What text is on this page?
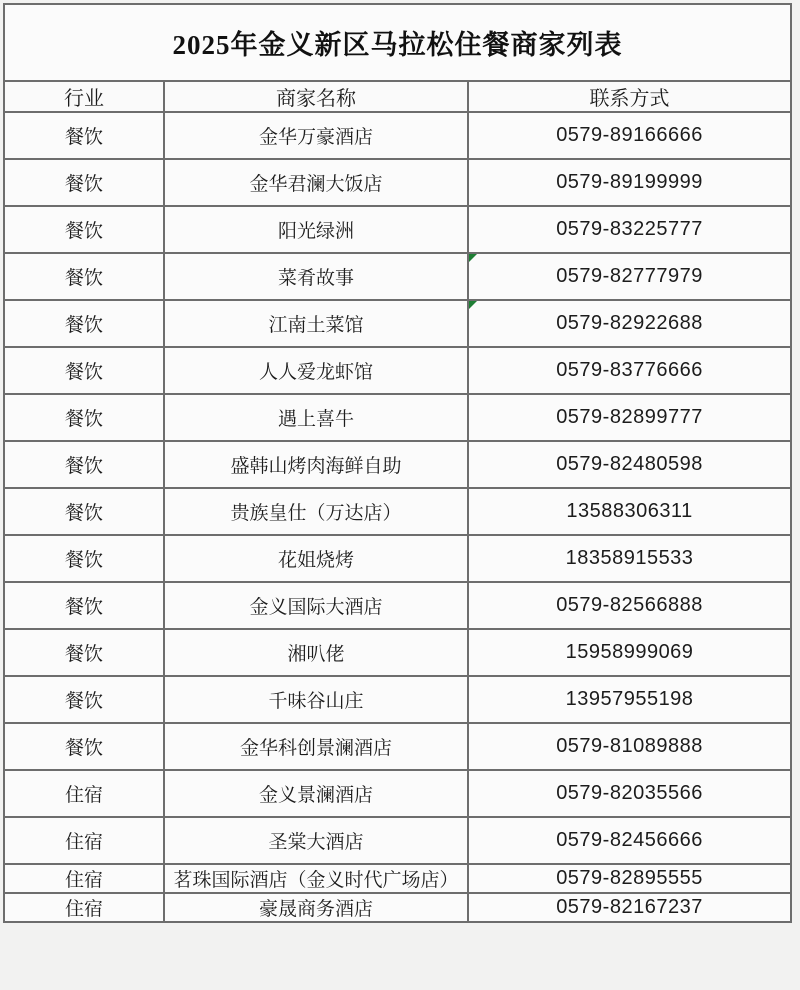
2025年金义新区马拉松住餐商家列表		
行业	商家名称	联系方式
餐饮	金华万豪酒店	0579-89166666
餐饮	金华君澜大饭店	0579-89199999
餐饮	阳光绿洲	0579-83225777
餐饮	菜肴故事	0579-82777979
餐饮	江南土菜馆	0579-82922688
餐饮	人人爱龙虾馆	0579-83776666
餐饮	遇上喜牛	0579-82899777
餐饮	盛韩山烤肉海鲜自助	0579-82480598
餐饮	贵族皇仕（万达店）	13588306311
餐饮	花姐烧烤	18358915533
餐饮	金义国际大酒店	0579-82566888
餐饮	湘叭佬	15958999069
餐饮	千味谷山庄	13957955198
餐饮	金华科创景澜酒店	0579-81089888
住宿	金义景澜酒店	0579-82035566
住宿	圣棠大酒店	0579-82456666
住宿	茗珠国际酒店（金义时代广场店）	0579-82895555
住宿	豪晟商务酒店	0579-82167237
